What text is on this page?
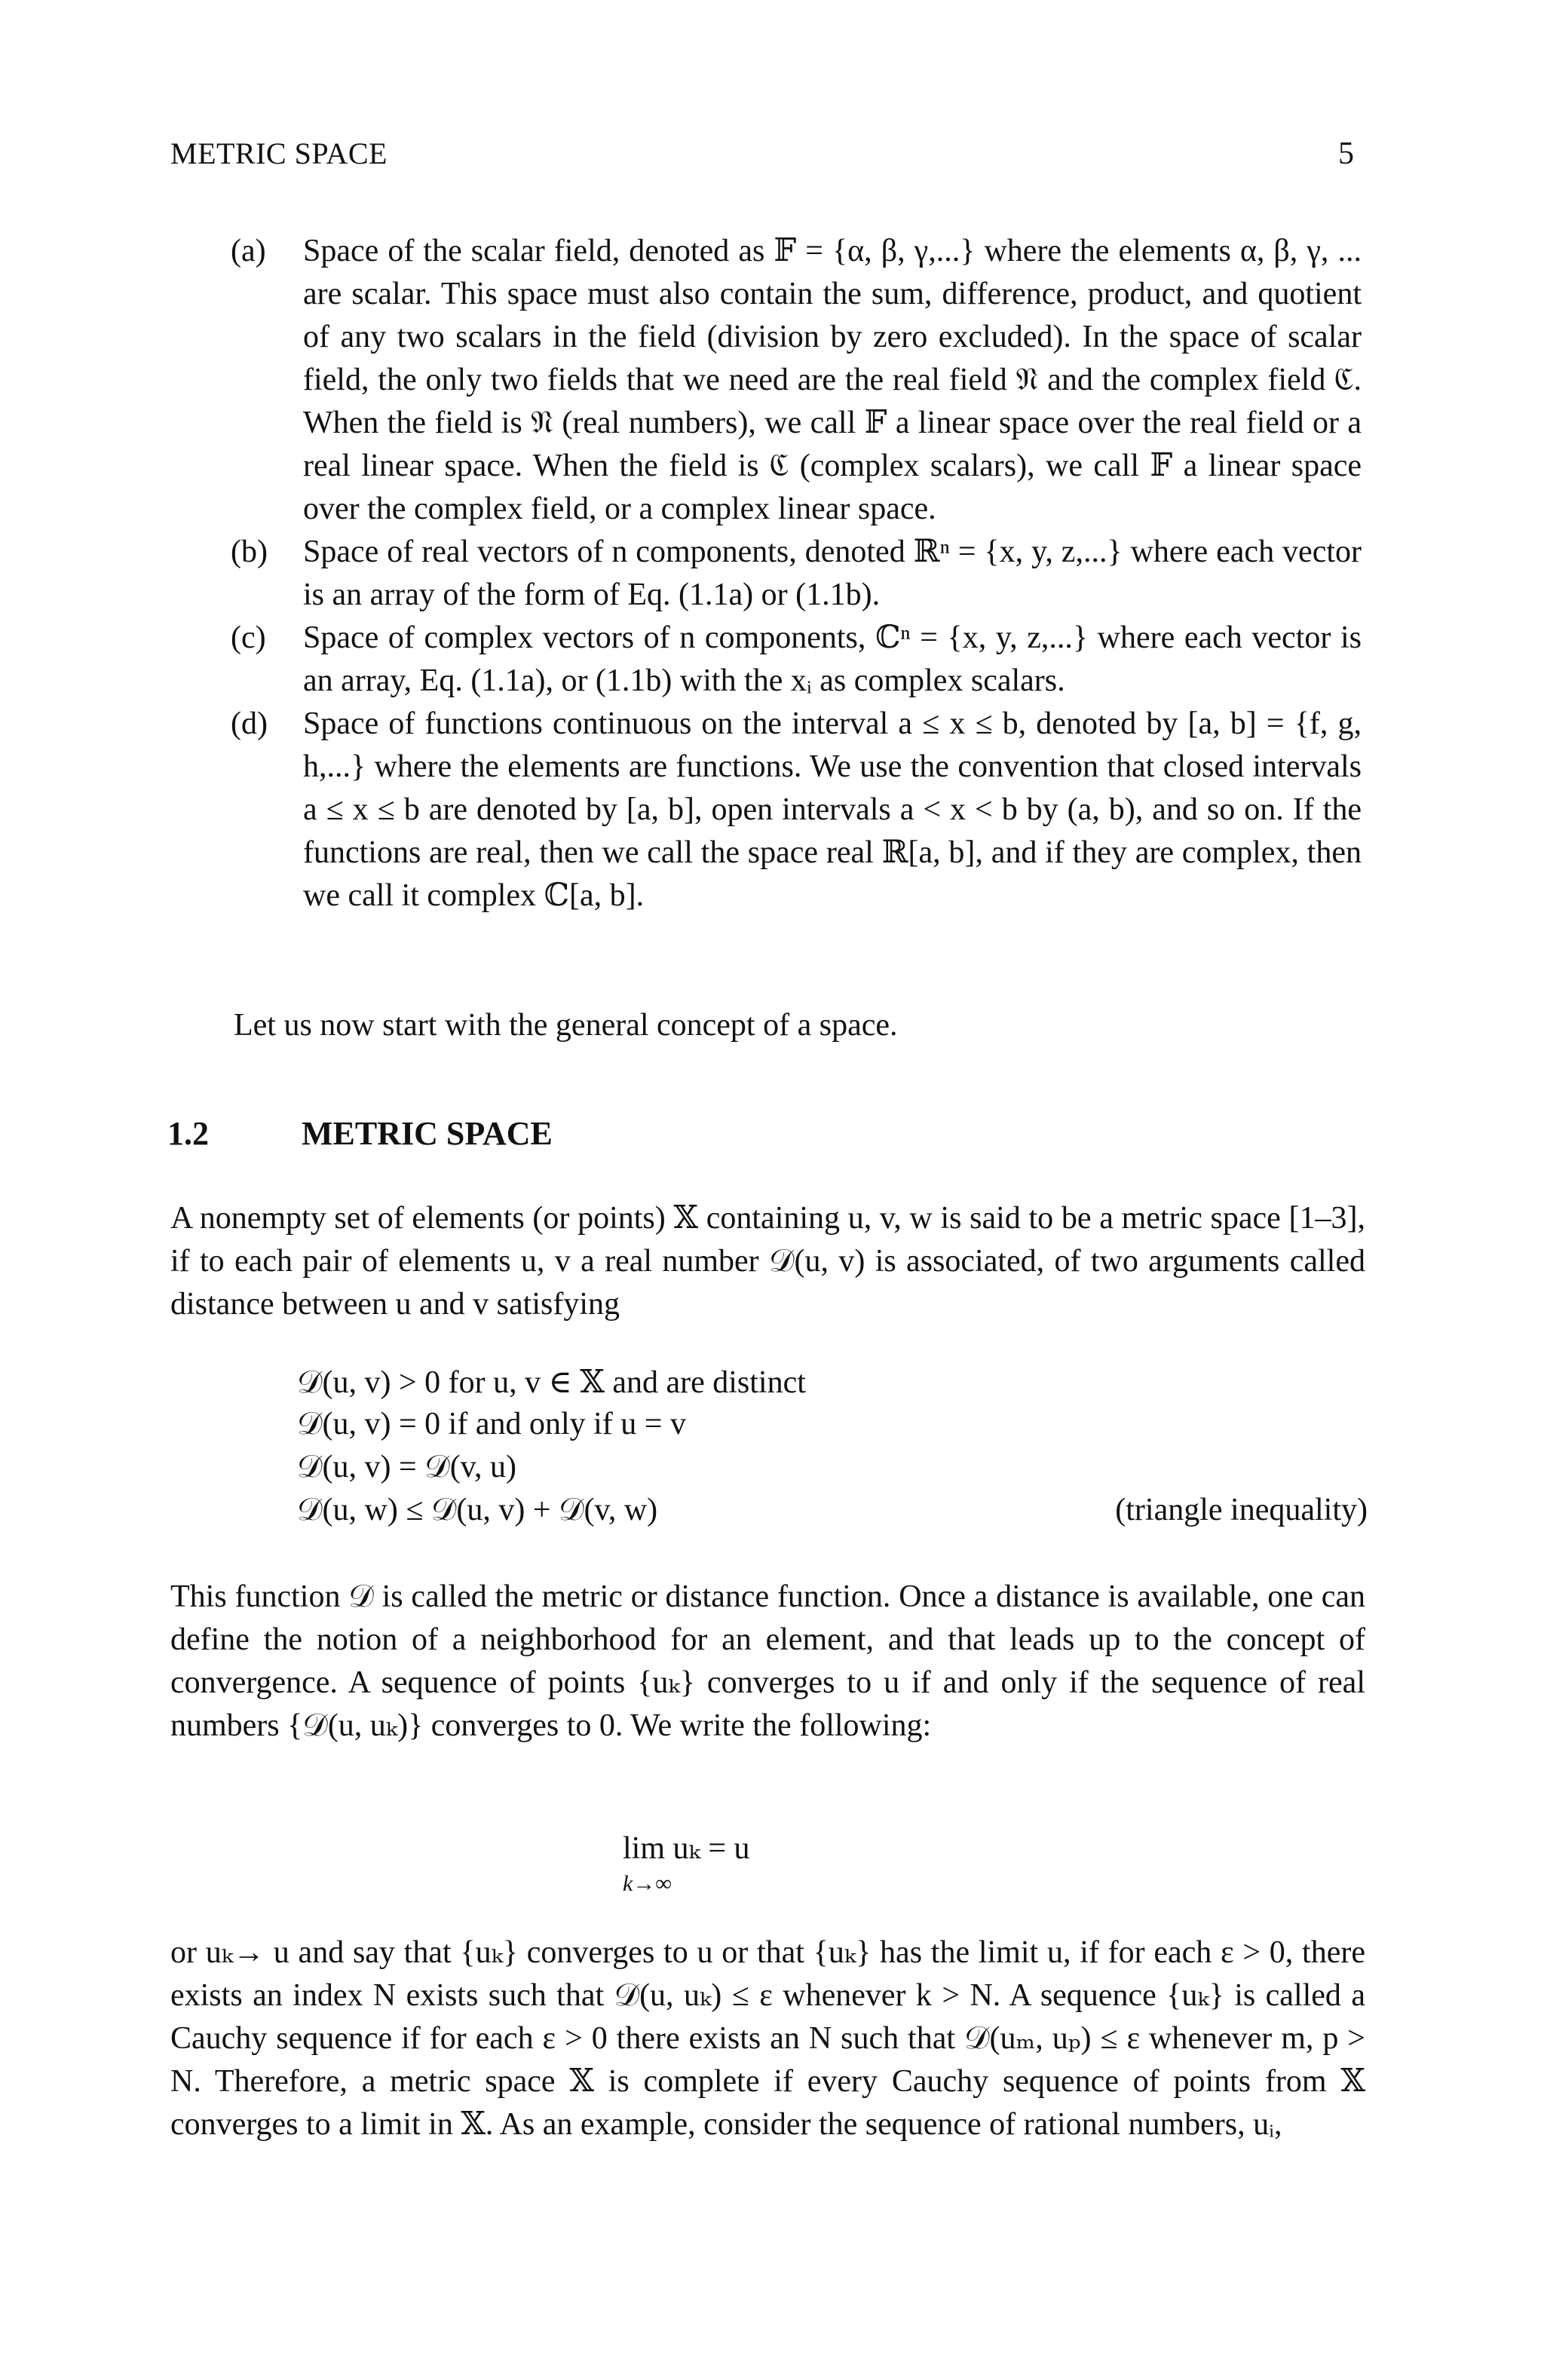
METRIC SPACE	5
(a) Space of the scalar field, denoted as 𝔽 = {α, β, γ,...} where the elements α, β, γ, ... are scalar. This space must also contain the sum, difference, product, and quotient of any two scalars in the field (division by zero excluded). In the space of scalar field, the only two fields that we need are the real field 𝔑 and the complex field ℭ. When the field is 𝔑 (real numbers), we call 𝔽 a linear space over the real field or a real linear space. When the field is ℭ (complex scalars), we call 𝔽 a linear space over the complex field, or a complex linear space.

(b) Space of real vectors of n components, denoted ℝⁿ = {x, y, z,...} where each vector is an array of the form of Eq. (1.1a) or (1.1b).

(c) Space of complex vectors of n components, ℂⁿ = {x, y, z,...} where each vector is an array, Eq. (1.1a), or (1.1b) with the xᵢ as complex scalars.

(d) Space of functions continuous on the interval a ≤ x ≤ b, denoted by [a, b] = {f, g, h,...} where the elements are functions. We use the convention that closed intervals a ≤ x ≤ b are denoted by [a, b], open intervals a < x < b by (a, b), and so on. If the functions are real, then we call the space real ℝ[a, b], and if they are complex, then we call it complex ℂ[a, b].

Let us now start with the general concept of a space.
1.2	METRIC SPACE
A nonempty set of elements (or points) 𝕏 containing u, v, w is said to be a metric space [1–3], if to each pair of elements u, v a real number 𝒟(u, v) is associated, of two arguments called distance between u and v satisfying
𝒟(u, v) > 0 for u, v ∈ 𝕏 and are distinct
𝒟(u, v) = 0 if and only if u = v
𝒟(u, v) = 𝒟(v, u)
𝒟(u, w) ≤ 𝒟(u, v) + 𝒟(v, w)	(triangle inequality)
This function 𝒟 is called the metric or distance function. Once a distance is available, one can define the notion of a neighborhood for an element, and that leads up to the concept of convergence. A sequence of points {uₖ} converges to u if and only if the sequence of real numbers {𝒟(u, uₖ)} converges to 0. We write the following:
lim uₖ = u
k→∞
or uₖ→ u and say that {uₖ} converges to u or that {uₖ} has the limit u, if for each ε > 0, there exists an index N exists such that 𝒟(u, uₖ) ≤ ε whenever k > N. A sequence {uₖ} is called a Cauchy sequence if for each ε > 0 there exists an N such that 𝒟(uₘ, uₚ) ≤ ε whenever m, p > N. Therefore, a metric space 𝕏 is complete if every Cauchy sequence of points from 𝕏 converges to a limit in 𝕏. As an example, consider the sequence of rational numbers, uᵢ,
